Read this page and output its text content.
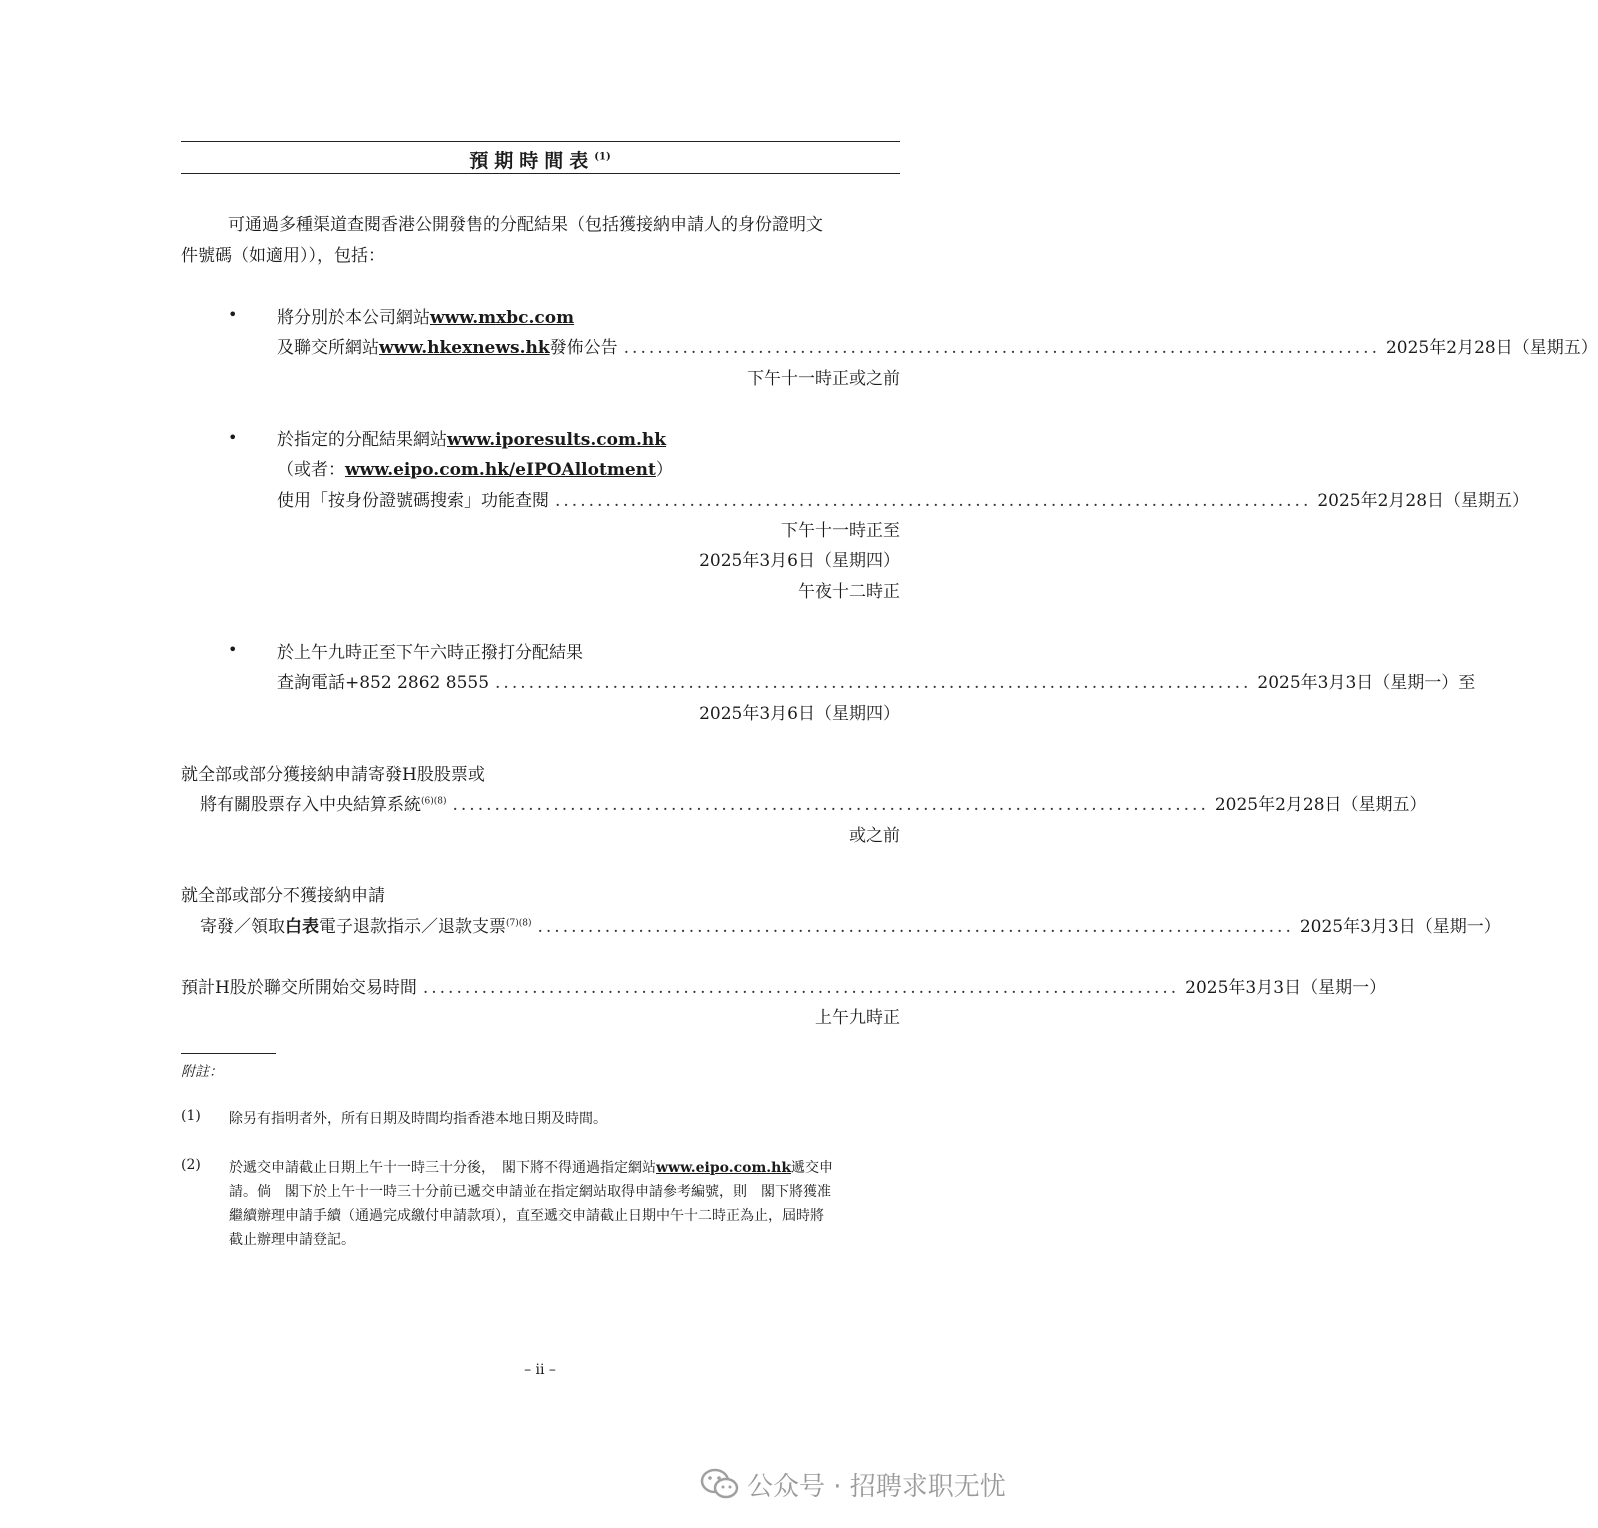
預期時間表$^{(1)}$
可通過多種渠道查閱香港公開發售的分配結果（包括獲接納申請人的身份證明文
件號碼（如適用）），包括：
• 將分別於本公司網站www.mxbc.com
及聯交所網站 www.hkexnews.hk 發佈公告 .......................................................................................... 2025年2月28日（星期五）
下午十一時正或之前
• 於指定的分配結果網站www.iporesults.com.hk
（或者：www.eipo.com.hk/eIPOAllotment）
使用「按身份證號碼搜索」功能查閱 .......................................................................................... 2025年2月28日（星期五）
下午十一時正至
2025年3月6日（星期四）
午夜十二時正
• 於上午九時正至下午六時正撥打分配結果
查詢電話+852 2862 8555 .......................................................................................... 2025年3月3日（星期一）至
2025年3月6日（星期四）
就全部或部分獲接納申請寄發H股股票或
將有關股票存入中央結算系統$^{(6)(8)}$ .......................................................................................... 2025年2月28日（星期五）
或之前
就全部或部分不獲接納申請
寄發／領取白表電子退款指示／退款支票$^{(7)(8)}$ .......................................................................................... 2025年3月3日（星期一）
預計H股於聯交所開始交易時間 .......................................................................................... 2025年3月3日（星期一）
上午九時正
附註：
(1) 除另有指明者外，所有日期及時間均指香港本地日期及時間。
(2) 於遞交申請截止日期上午十一時三十分後，　閣下將不得通過指定網站www.eipo.com.hk遞交申
請。倘　閣下於上午十一時三十分前已遞交申請並在指定網站取得申請參考編號，則　閣下將獲准
繼續辦理申請手續（通過完成繳付申請款項），直至遞交申請截止日期中午十二時正為止，屆時將
截止辦理申請登記。
– ii –
公众号 · 招聘求职无忧
